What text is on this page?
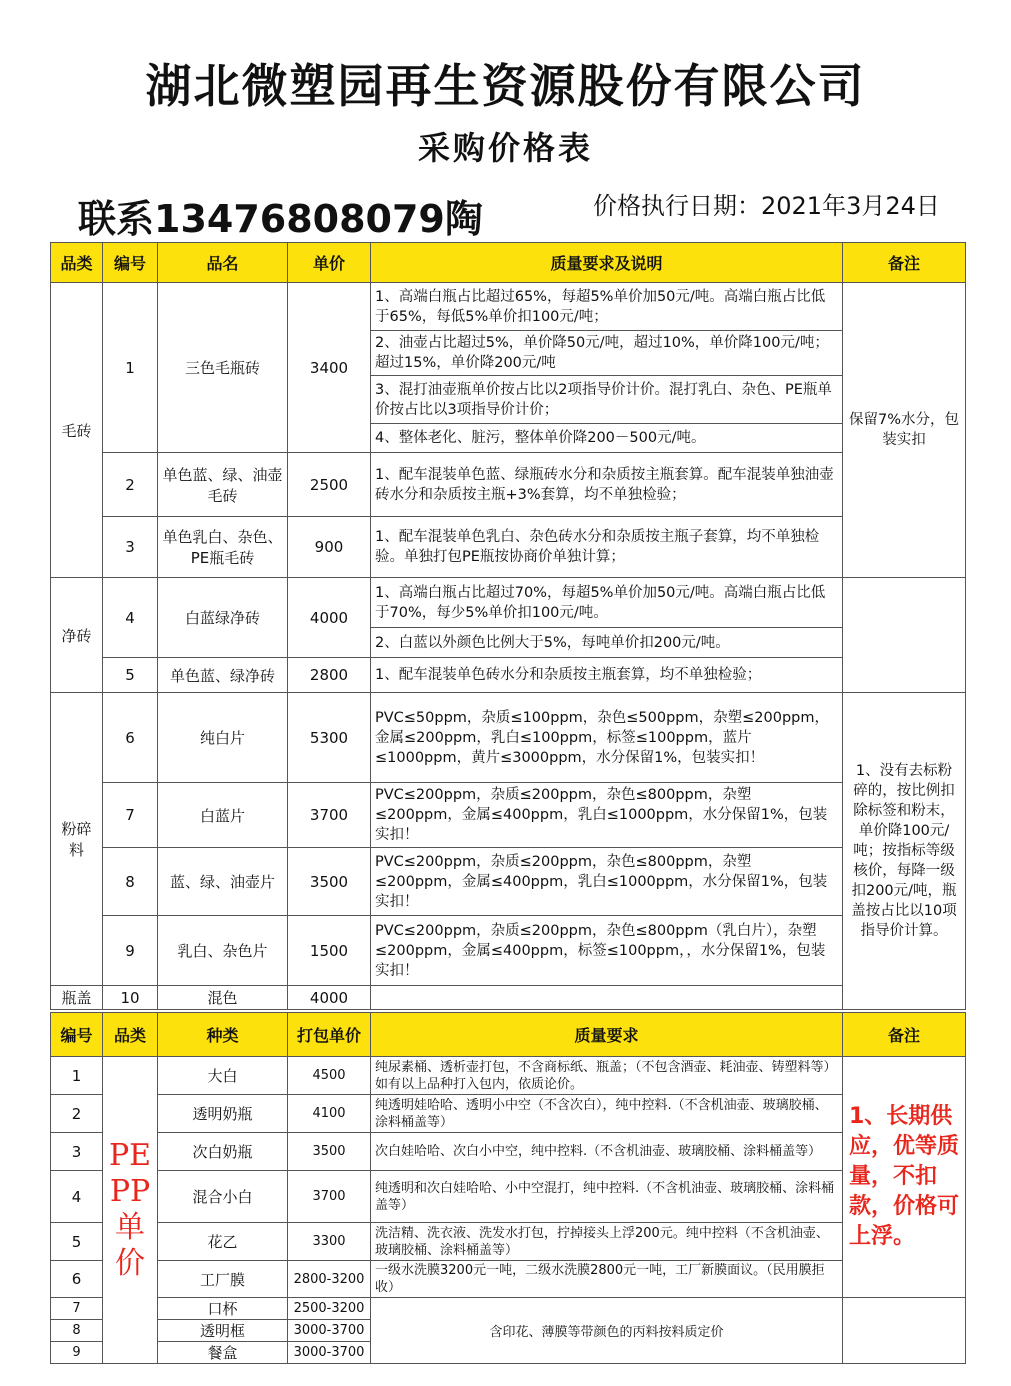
湖北微塑园再生资源股份有限公司
采购价格表
联系13476808079陶	价格执行日期：2021年3月24日
品类	编号	品名	单价	质量要求及说明	备注
毛砖	1	三色毛瓶砖	3400	1、高端白瓶占比超过65%，每超5%单价加50元/吨。高端白瓶占比低于65%，每低5%单价扣100元/吨；	保留7%水分，包装实扣
				2、油壶占比超过5%，单价降50元/吨，超过10%，单价降100元/吨；超过15%，单价降200元/吨	
				3、混打油壶瓶单价按占比以2项指导价计价。混打乳白、杂色、PE瓶单价按占比以3项指导价计价；	
				4、整体老化、脏污，整体单价降200－500元/吨。	
	2	单色蓝、绿、油壶毛砖	2500	1、配车混装单色蓝、绿瓶砖水分和杂质按主瓶套算。配车混装单独油壶砖水分和杂质按主瓶+3%套算，均不单独检验；	
	3	单色乳白、杂色、PE瓶毛砖	900	1、配车混装单色乳白、杂色砖水分和杂质按主瓶子套算，均不单独检验。单独打包PE瓶按协商价单独计算；	
净砖	4	白蓝绿净砖	4000	1、高端白瓶占比超过70%，每超5%单价加50元/吨。高端白瓶占比低于70%，每少5%单价扣100元/吨。	
				2、白蓝以外颜色比例大于5%，每吨单价扣200元/吨。	
	5	单色蓝、绿净砖	2800	1、配车混装单色砖水分和杂质按主瓶套算，均不单独检验；	
粉碎料	6	纯白片	5300	PVC≤50ppm，杂质≤100ppm，杂色≤500ppm，杂塑≤200ppm，金属≤200ppm，乳白≤100ppm，标签≤100ppm，蓝片≤1000ppm，黄片≤3000ppm，水分保留1%，包装实扣！	1、没有去标粉碎的，按比例扣除标签和粉末，单价降100元/吨；按指标等级核价，每降一级扣200元/吨，瓶盖按占比以10项指导价计算。
	7	白蓝片	3700	PVC≤200ppm，杂质≤200ppm，杂色≤800ppm，杂塑≤200ppm，金属≤400ppm，乳白≤1000ppm，水分保留1%，包装实扣！	
	8	蓝、绿、油壶片	3500	PVC≤200ppm，杂质≤200ppm，杂色≤800ppm，杂塑≤200ppm，金属≤400ppm，乳白≤1000ppm，水分保留1%，包装实扣！	
	9	乳白、杂色片	1500	PVC≤200ppm，杂质≤200ppm，杂色≤800ppm（乳白片），杂塑≤200ppm，金属≤400ppm，标签≤100ppm，，水分保留1%，包装实扣！	
瓶盖	10	混色	4000		
编号	品类	种类	打包单价	质量要求	备注
1	PE PP 单价	大白	4500	纯尿素桶、透析壶打包，不含商标纸、瓶盖；（不包含酒壶、耗油壶、铸塑料等）如有以上品种打入包内，依质论价。	1、长期供应，优等质量，不扣款，价格可上浮。
2		透明奶瓶	4100	纯透明娃哈哈、透明小中空（不含次白），纯中控料.（不含机油壶、玻璃胶桶、涂料桶盖等）	
3		次白奶瓶	3500	次白娃哈哈、次白小中空，纯中控料.（不含机油壶、玻璃胶桶、涂料桶盖等）	
4		混合小白	3700	纯透明和次白娃哈哈、小中空混打，纯中控料.（不含机油壶、玻璃胶桶、涂料桶盖等）	
5		花乙	3300	洗洁精、洗衣液、洗发水打包，拧掉接头上浮200元。纯中控料（不含机油壶、玻璃胶桶、涂料桶盖等）	
6		工厂膜	2800-3200	一级水洗膜3200元一吨，二级水洗膜2800元一吨，工厂新膜面议。（民用膜拒收）	
7		口杯	2500-3200	含印花、薄膜等带颜色的丙料按料质定价	
8		透明框	3000-3700		
9		餐盒	3000-3700		
